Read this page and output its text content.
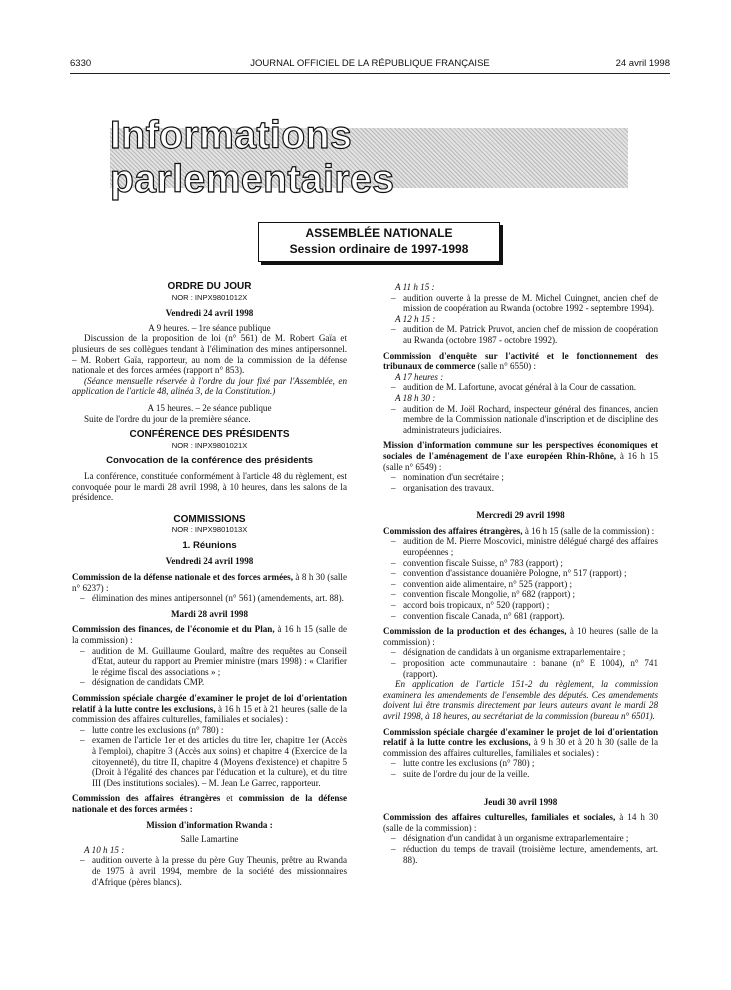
6330	JOURNAL OFFICIEL DE LA RÉPUBLIQUE FRANÇAISE	24 avril 1998
Informations parlementaires
ASSEMBLÉE NATIONALE
Session ordinaire de 1997-1998

ORDRE DU JOUR

NOR : INPX9801012X

Vendredi 24 avril 1998

A 9 heures. – 1re séance publique

Discussion de la proposition de loi (n° 561) de M. Robert Gaïa et plusieurs de ses collègues tendant à l'élimination des mines antipersonnel. – M. Robert Gaïa, rapporteur, au nom de la commission de la défense nationale et des forces armées (rapport n° 853).

(Séance mensuelle réservée à l'ordre du jour fixé par l'Assemblée, en application de l'article 48, alinéa 3, de la Constitution.)

A 15 heures. – 2e séance publique

Suite de l'ordre du jour de la première séance.

CONFÉRENCE DES PRÉSIDENTS

NOR : INPX9801021X

Convocation de la conférence des présidents

La conférence, constituée conformément à l'article 48 du règlement, est convoquée pour le mardi 28 avril 1998, à 10 heures, dans les salons de la présidence.

COMMISSIONS

NOR : INPX9801013X

1. Réunions

Vendredi 24 avril 1998

Commission de la défense nationale et des forces armées, à 8 h 30 (salle n° 6237) :

– élimination des mines antipersonnel (n° 561) (amendements, art. 88).

Mardi 28 avril 1998

Commission des finances, de l'économie et du Plan, à 16 h 15 (salle de la commission) :

– audition de M. Guillaume Goulard, maître des requêtes au Conseil d'Etat, auteur du rapport au Premier ministre (mars 1998) : « Clarifier le régime fiscal des associations » ;
– désignation de candidats CMP.

Commission spéciale chargée d'examiner le projet de loi d'orientation relatif à la lutte contre les exclusions, à 16 h 15 et à 21 heures (salle de la commission des affaires culturelles, familiales et sociales) :

– lutte contre les exclusions (n° 780) :
– examen de l'article 1er et des articles du titre Ier, chapitre 1er (Accès à l'emploi), chapitre 3 (Accès aux soins) et chapitre 4 (Exercice de la citoyenneté), du titre II, chapitre 4 (Moyens d'existence) et chapitre 5 (Droit à l'égalité des chances par l'éducation et la culture), et du titre III (Des institutions sociales). – M. Jean Le Garrec, rapporteur.

Commission des affaires étrangères et commission de la défense nationale et des forces armées :

Mission d'information Rwanda :

Salle Lamartine

A 10 h 15 :

– audition ouverte à la presse du père Guy Theunis, prêtre au Rwanda de 1975 à avril 1994, membre de la société des missionnaires d'Afrique (pères blancs).

A 11 h 15 :

– audition ouverte à la presse de M. Michel Cuingnet, ancien chef de mission de coopération au Rwanda (octobre 1992 - septembre 1994).

A 12 h 15 :

– audition de M. Patrick Pruvot, ancien chef de mission de coopération au Rwanda (octobre 1987 - octobre 1992).

Commission d'enquête sur l'activité et le fonctionnement des tribunaux de commerce (salle n° 6550) :

A 17 heures :

– audition de M. Lafortune, avocat général à la Cour de cassation.

A 18 h 30 :

– audition de M. Joël Rochard, inspecteur général des finances, ancien membre de la Commission nationale d'inscription et de discipline des administrateurs judiciaires.

Mission d'information commune sur les perspectives économiques et sociales de l'aménagement de l'axe européen Rhin-Rhône, à 16 h 15 (salle n° 6549) :

– nomination d'un secrétaire ;
– organisation des travaux.

Mercredi 29 avril 1998

Commission des affaires étrangères, à 16 h 15 (salle de la commission) :

– audition de M. Pierre Moscovici, ministre délégué chargé des affaires européennes ;
– convention fiscale Suisse, n° 783 (rapport) ;
– convention d'assistance douanière Pologne, n° 517 (rapport) ;
– convention aide alimentaire, n° 525 (rapport) ;
– convention fiscale Mongolie, n° 682 (rapport) ;
– accord bois tropicaux, n° 520 (rapport) ;
– convention fiscale Canada, n° 681 (rapport).

Commission de la production et des échanges, à 10 heures (salle de la commission) :

– désignation de candidats à un organisme extraparlementaire ;
– proposition acte communautaire : banane (n° E 1004), n° 741 (rapport).

En application de l'article 151-2 du règlement, la commission examinera les amendements de l'ensemble des députés. Ces amendements doivent lui être transmis directement par leurs auteurs avant le mardi 28 avril 1998, à 18 heures, au secrétariat de la commission (bureau n° 6501).

Commission spéciale chargée d'examiner le projet de loi d'orientation relatif à la lutte contre les exclusions, à 9 h 30 et à 20 h 30 (salle de la commission des affaires culturelles, familiales et sociales) :

– lutte contre les exclusions (n° 780) ;
– suite de l'ordre du jour de la veille.

Jeudi 30 avril 1998

Commission des affaires culturelles, familiales et sociales, à 14 h 30 (salle de la commission) :

– désignation d'un candidat à un organisme extraparlementaire ;
– réduction du temps de travail (troisième lecture, amendements, art. 88).
